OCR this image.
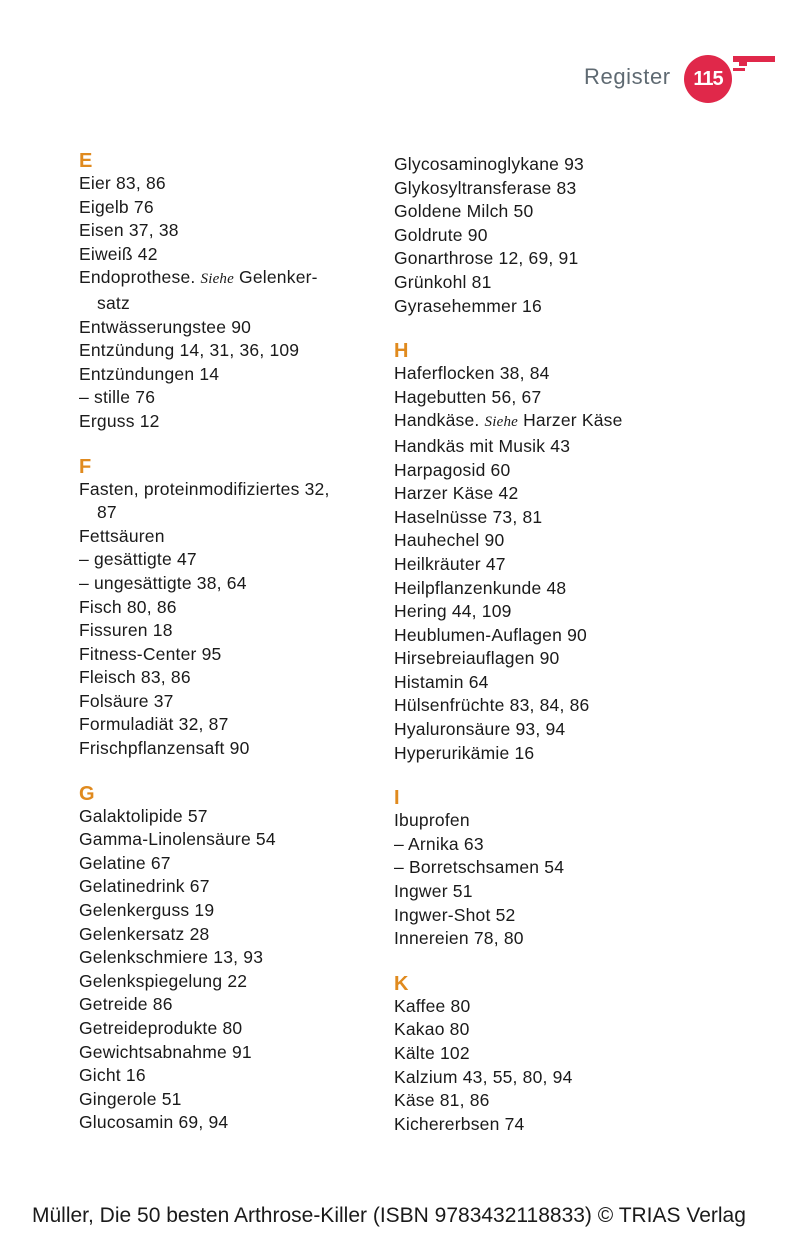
Register 115
E
Eier 83, 86
Eigelb 76
Eisen 37, 38
Eiweiß 42
Endoprothese. Siehe Gelenker-
satz
Entwässerungstee 90
Entzündung 14, 31, 36, 109
Entzündungen 14
– stille 76
Erguss 12
F
Fasten, proteinmodifiziertes 32,
87
Fettsäuren
– gesättigte 47
– ungesättigte 38, 64
Fisch 80, 86
Fissuren 18
Fitness-Center 95
Fleisch 83, 86
Folsäure 37
Formuladiät 32, 87
Frischpflanzensaft 90
G
Galaktolipide 57
Gamma-Linolensäure 54
Gelatine 67
Gelatinedrink 67
Gelenkerguss 19
Gelenkersatz 28
Gelenkschmiere 13, 93
Gelenkspiegelung 22
Getreide 86
Getreideprodukte 80
Gewichtsabnahme 91
Gicht 16
Gingerole 51
Glucosamin 69, 94
Glycosaminoglykane 93
Glykosyltransferase 83
Goldene Milch 50
Goldrute 90
Gonarthrose 12, 69, 91
Grünkohl 81
Gyrasehemmer 16
H
Haferflocken 38, 84
Hagebutten 56, 67
Handkäse. Siehe Harzer Käse
Handkäs mit Musik 43
Harpagosid 60
Harzer Käse 42
Haselnüsse 73, 81
Hauhechel 90
Heilkräuter 47
Heilpflanzenkunde 48
Hering 44, 109
Heublumen-Auflagen 90
Hirsebreiauflagen 90
Histamin 64
Hülsenfrüchte 83, 84, 86
Hyaluronsäure 93, 94
Hyperurikämie 16
I
Ibuprofen
– Arnika 63
– Borretschsamen 54
Ingwer 51
Ingwer-Shot 52
Innereien 78, 80
K
Kaffee 80
Kakao 80
Kälte 102
Kalzium 43, 55, 80, 94
Käse 81, 86
Kichererbsen 74
Müller, Die 50 besten Arthrose-Killer (ISBN 9783432118833) © TRIAS Verlag
